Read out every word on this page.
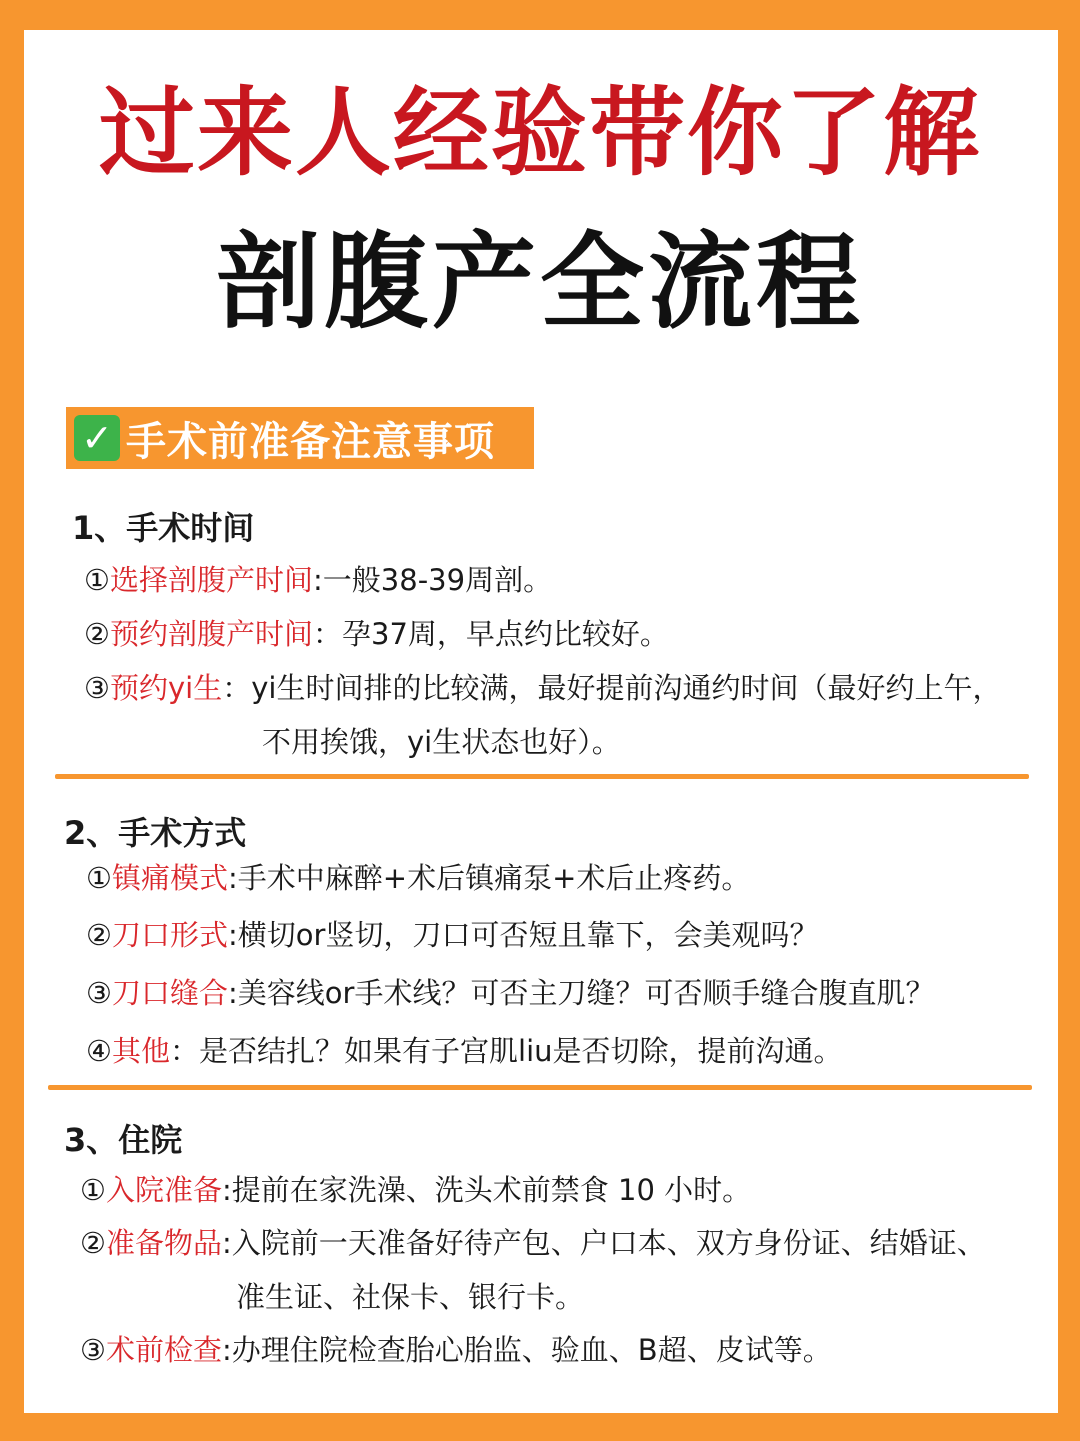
过来人经验带你了解
剖腹产全流程
✓ 手术前准备注意事项
1、手术时间
①选择剖腹产时间:一般38-39周剖。
②预约剖腹产时间：孕37周，早点约比较好。
③预约yi生：yi生时间排的比较满，最好提前沟通约时间（最好约上午，
不用挨饿，yi生状态也好）。
2、手术方式
①镇痛模式:手术中麻醉+术后镇痛泵+术后止疼药。
②刀口形式:横切or竖切，刀口可否短且靠下，会美观吗？
③刀口缝合:美容线or手术线？可否主刀缝？可否顺手缝合腹直肌？
④其他：是否结扎？如果有子宫肌liu是否切除，提前沟通。
3、住院
①入院准备:提前在家洗澡、洗头术前禁食 10 小时。
②准备物品:入院前一天准备好待产包、户口本、双方身份证、结婚证、
准生证、社保卡、银行卡。
③术前检查:办理住院检查胎心胎监、验血、B超、皮试等。
